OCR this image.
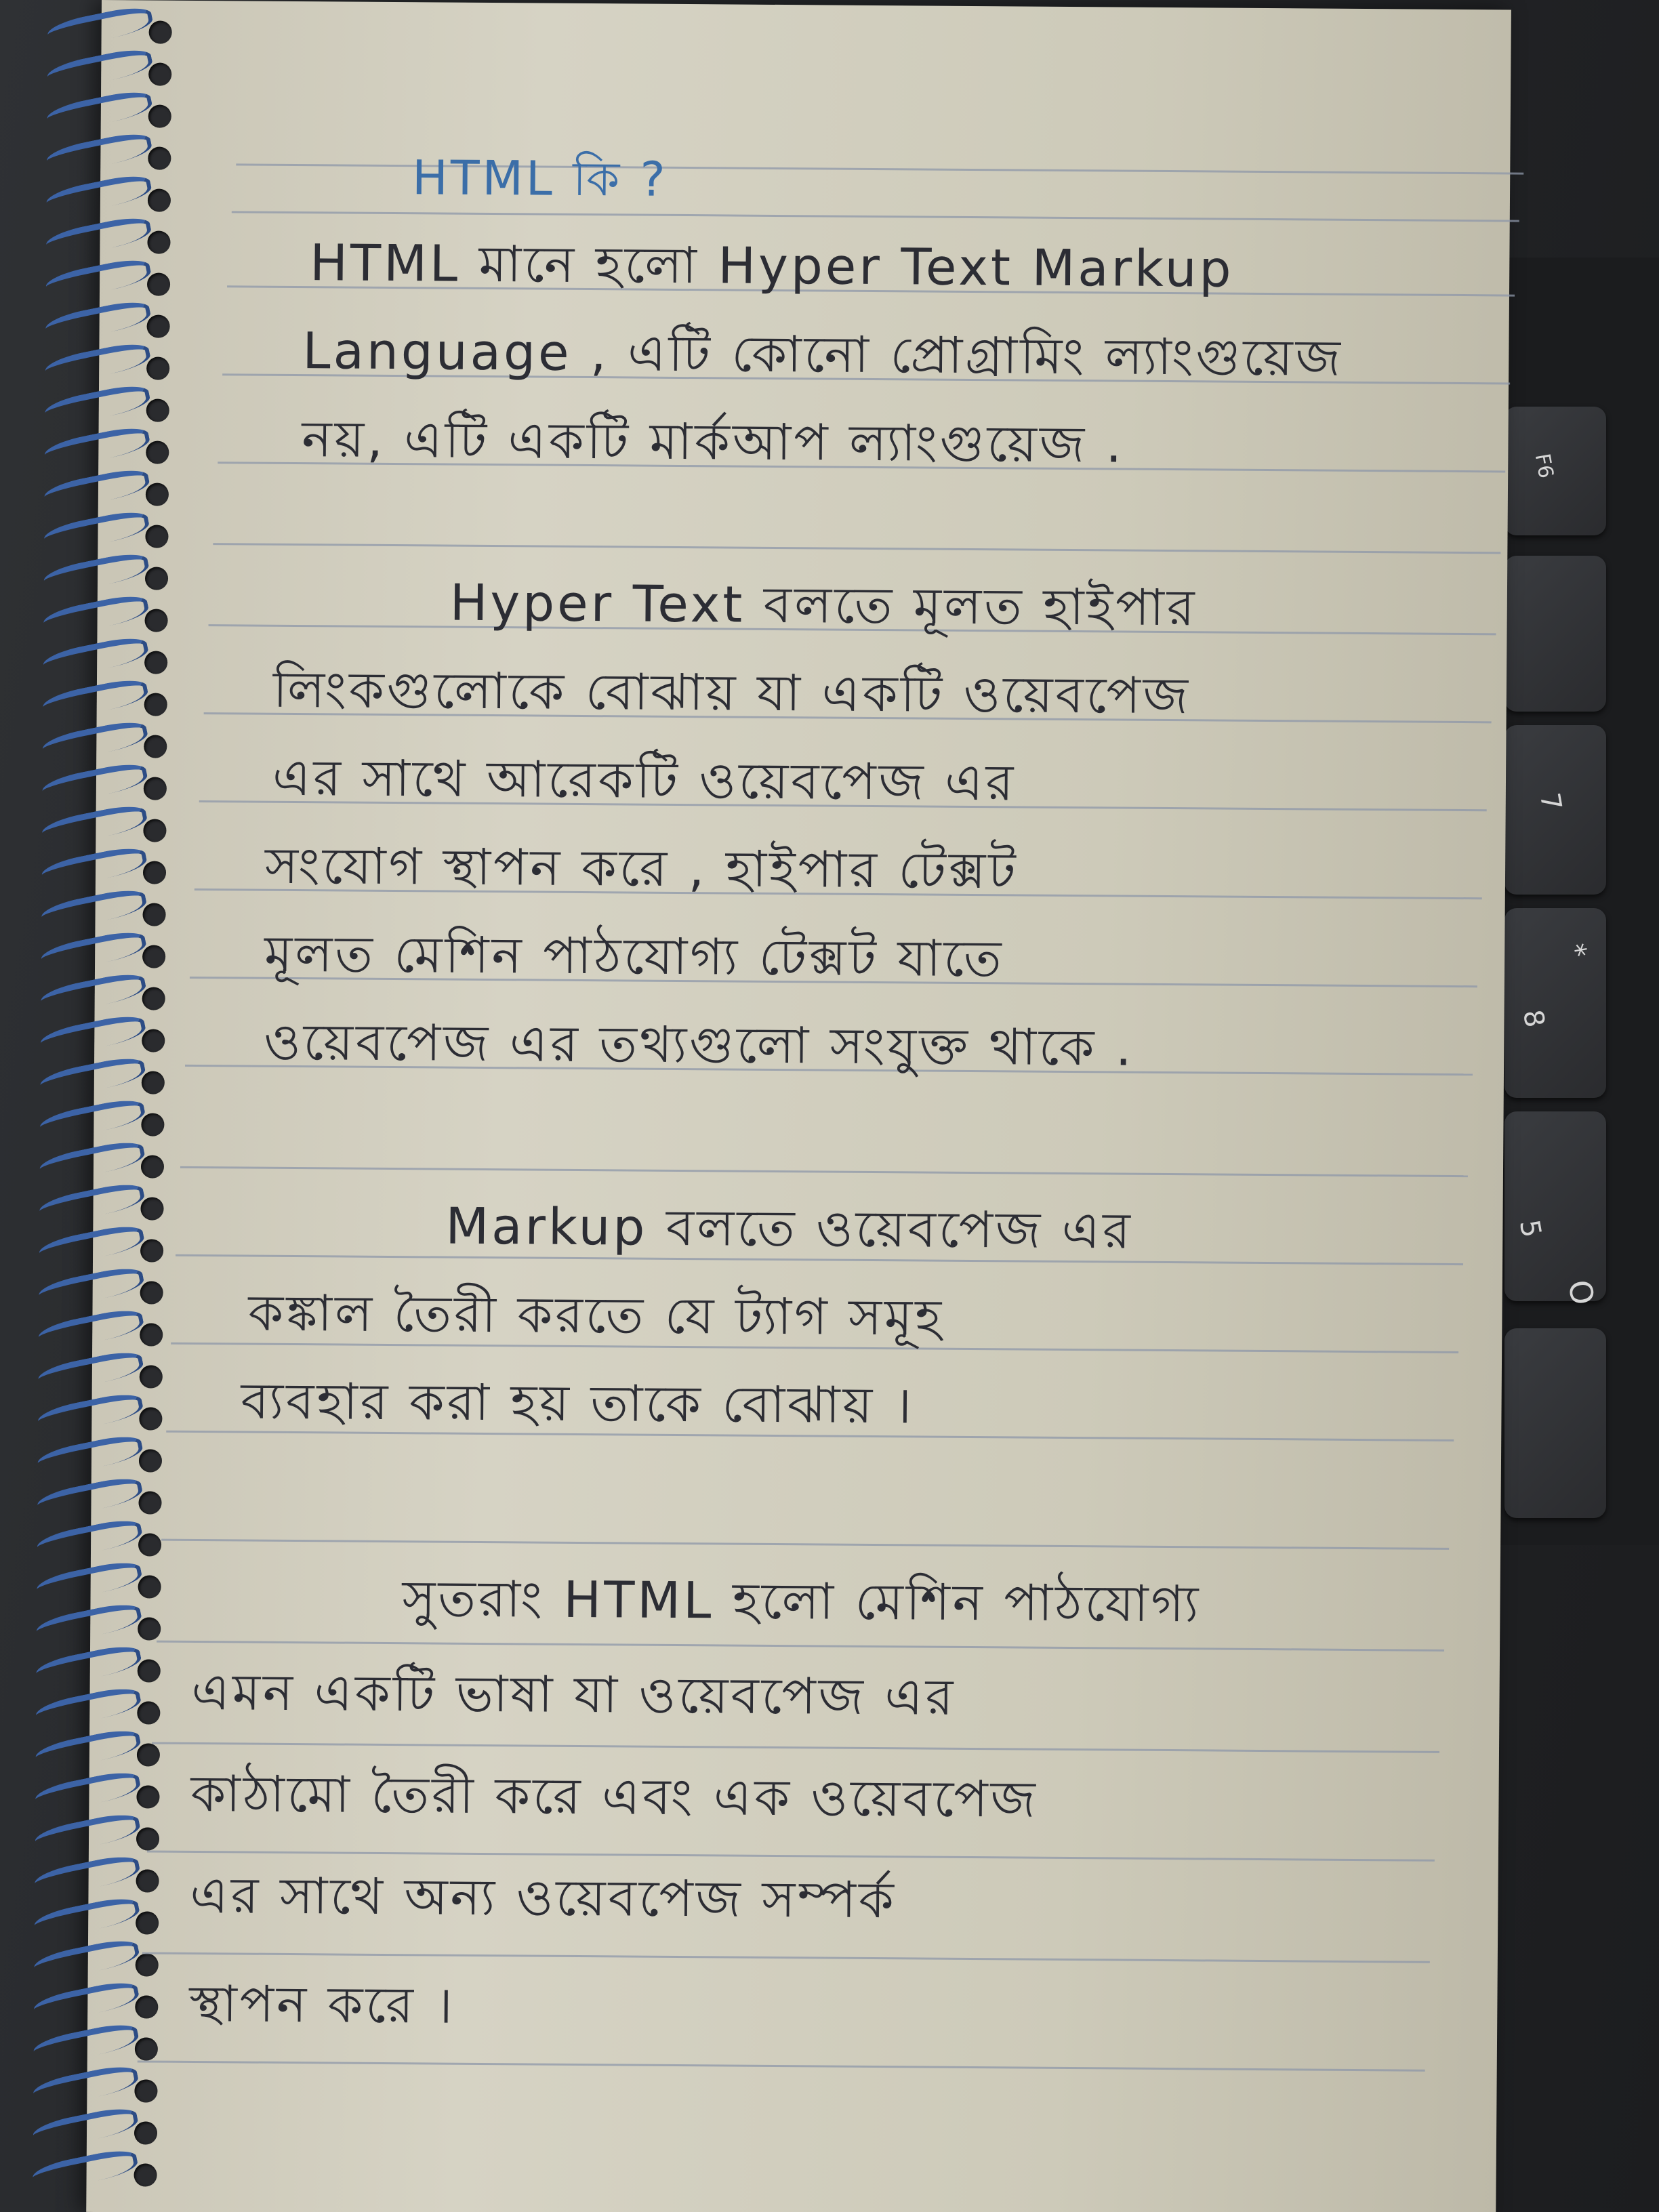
F6
7
8
*
5
O
HTML কি ?
HTML মানে হলো Hyper Text Markup
Language , এটি কোনো প্রোগ্রামিং ল্যাংগুয়েজ
নয়, এটি একটি মার্কআপ ল্যাংগুয়েজ .
Hyper Text বলতে মূলত হাইপার
লিংকগুলোকে বোঝায় যা একটি ওয়েবপেজ
এর সাথে আরেকটি ওয়েবপেজ এর
সংযোগ স্থাপন করে , হাইপার টেক্সট
মূলত মেশিন পাঠযোগ্য টেক্সট যাতে
ওয়েবপেজ এর তথ্যগুলো সংযুক্ত থাকে .
Markup বলতে ওয়েবপেজ এর
কঙ্কাল তৈরী করতে যে ট্যাগ সমূহ
ব্যবহার করা হয় তাকে বোঝায় ।
সুতরাং HTML হলো মেশিন পাঠযোগ্য
এমন একটি ভাষা যা ওয়েবপেজ এর
কাঠামো তৈরী করে এবং এক ওয়েবপেজ
এর সাথে অন্য ওয়েবপেজ সম্পর্ক
স্থাপন করে ।
